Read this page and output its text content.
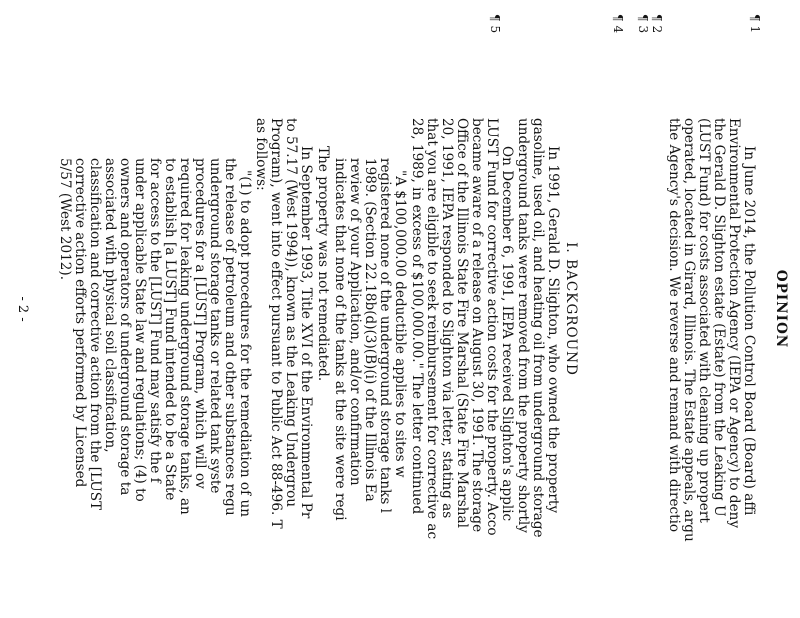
OPINION
¶ 1
¶ 2
¶ 3
¶ 4
¶ 5
In June 2014, the Pollution Control Board (Board) affi
Environmental Protection Agency (IEPA or Agency) to deny
the Gerald D. Slighton estate (Estate) from the Leaking U
(LUST Fund) for costs associated with cleaning up propert
operated, located in Girard, Illinois. The Estate appeals, argu
the Agency's decision. We reverse and remand with directio
I. BACKGROUND
In 1991, Gerald D. Slighton, who owned the property
gasoline, used oil, and heating oil from underground storage
underground tanks were removed from the property shortly
On December 6, 1991, IEPA received Slighton's applic
LUST Fund for corrective action costs for the property. Acco
became aware of a release on August 30, 1991. The storage
Office of the Illinois State Fire Marshal (State Fire Marshal
20, 1991, IEPA responded to Slighton via letter, stating as
that you are eligible to seek reimbursement for corrective ac
28, 1989, in excess of $100,000.00." The letter continued
"A $100,000.00 deductible applies to sites w
registered none of the underground storage tanks l
1989. (Section 22.18b(d)(3)(B)(i) of the Illinois Ea
review of your Application, and/or confirmation
indicates that none of the tanks at the site were regi
The property was not remediated.
In September 1993, Title XVI of the Environmental Pr
to 57.17 (West 1994)), known as the Leaking Undergrou
Program), went into effect pursuant to Public Act 88-496. T
as follows:
"(1) to adopt procedures for the remediation of un
the release of petroleum and other substances regu
underground storage tanks or related tank syste
procedures for a [LUST] Program, which will ov
required for leaking underground storage tanks, an
to establish [a LUST] Fund intended to be a State
for access to the [LUST] Fund may satisfy the f
under applicable State law and regulations; (4) to
owners and operators of underground storage ta
associated with physical soil classification,
classification and corrective action from the [LUST
corrective action efforts performed by Licensed
5/57 (West 2012).
- 2 -
